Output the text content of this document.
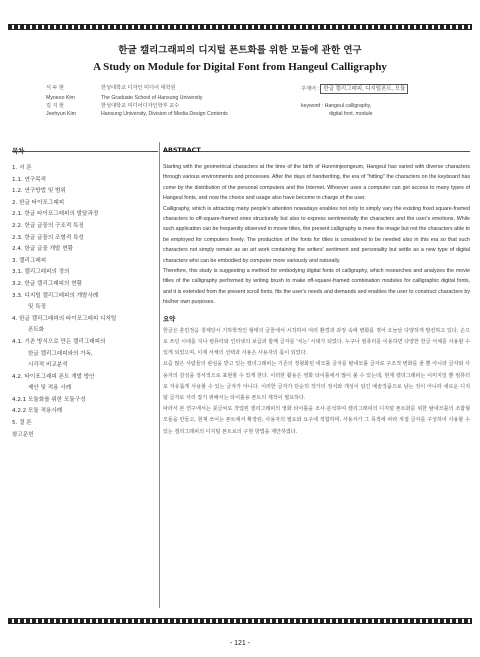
한글 캘리그래피의 디지털 폰트화를 위한 모듈에 관한 연구
A Study on Module for Digital Font from Hangeul Calligraphy
서 두 현	한성대학교 디자인 미디어 대학원	주제어 : 한글 캘리그래피, 디지털폰트, 모듈
Myoeoo Kim	The Graduate School of Hansung University
김 지 현	한성대학교 미디어디자인학부 교수	keyword : Hangeul calligraphy,
Jeehyun Kim	Hansung University, Division of Media Design Contents	digital font, module
목차
1. 서 론
1.1. 연구목적
1.2. 연구방법 및 범위
2. 한글 타이포그래피
2.1. 한글 타이포그래피의 발달과정
2.2. 한글 글꼴의 구조적 특징
2.3. 한글 글꼴의 조형적 특성
2.4. 한글 글꼴 개발 현황
3. 캘리그래피
3.1. 캘리그래피의 정의
3.2. 한글 캘리그래피의 현황
3.3. 디지털 캘리그래피의 개발사례
및 특징
4. 한글 캘리그래피의 타이포그래피 디지털
폰트화
4.1. 기존 방식으로 만든 캘리그래피의
한글 캘리그래피와의 가독,
시각적 비교분석
4.2. 타이포그래피 폰트 개발 방안
제안 및 적용 사례
4.2.1 모듈화를 위한 모듈구성
4.2.2 모듈 적용사례
5. 결 론
참고문헌
ABSTRACT

Starting with the geometrical characters at the time of the birth of Hunminjeongeum, Hangeul has varied with diverse characters through various environments and processes. After the days of handwriting, the era of "hitting" the characters on the keyboard has come by the distribution of the personal computers and the Internet. Whoever uses a computer can get access to many types of Hangeul fonts, and now the choice and usage also have become in charge of the user.

Calligraphy, which is attracting many people's attention nowadays enables not only to simply vary the existing fixed square-framed characters to off-square-framed ones structurally but also to express sentimentally the characters and the user's emotions. While such application can be frequently observed in movie titles, the present calligraphy is mere the image but not the characters able to be employed for computers freely. The production of the fonts for titles is considered to be needed also in this era so that such characters not simply remain as an art work containing the writers' sentiment and personality but settle as a new type of digital characters who can be embodied by computer more variously and naturally.

Therefore, this study is suggesting a method for embodying digital fonts of calligraphy, which researches and analyzes the movie titles of the calligraphy performed by writing brush to make off-square-framed combination modules for calligraphic digital fonts, and it is extended from the present scroll fonts, fits the user's needs and demands and enables the user to construct characters by his/her own purposes.

요약

한글은 훈민정음 창제당시 기하학적인 형태의 글꼴에서 시작하여 여러 환경과 과정 속에 변화를 겪어 오늘날 다양하게 발전하고 있다. 손으로 쓰던 시대를 지나 컴퓨터와 인터넷의 보급과 함께 글자를 '치는' 시대가 되었다. 누구나 컴퓨터를 이용하면 다양한 한글 서체를 사용할 수 있게 되었으며, 이제 서체의 선택과 사용은 사용자의 몫이 되었다.

요즘 많은 사람들의 관심을 받고 있는 캘리그래피는 기존의 정형화된 네모틀 글자를 탈네모틀 글자로 구조적 변화를 줄 뿐 아니라 글자와 사용자의 감성을 정서적으로 표현할 수 있게 한다. 이러한 활용은 영화 타이틀에서 많이 볼 수 있는데, 현재 캘리그래피는 이미지일 뿐 컴퓨터로 자유롭게 사용할 수 있는 글자가 아니다. 이러한 글자가 단순히 작가의 정서와 개성이 담긴 예술작품으로 남는 것이 아니라 새로운 디지털 글자로 자리 잡기 위해서는 타이틀용 폰트의 제작이 필요하다.

따라서 본 연구에서는 붓글씨로 작업된 캘리그래피의 영화 타이틀을 조사·분석하여 캘리그래피의 디지털 폰트화를 위한 탈네모틀의 조합형 모듈을 만들고, 현재 쓰이는 폰트에서 확장된, 사용자의 필요와 요구에 적합하며, 사용자가 그 목적에 따라 직접 글자를 구성하여 사용할 수 있는 캘리그래피의 디지털 폰트로의 구현 방법을 제안하였다.

- 121 -
